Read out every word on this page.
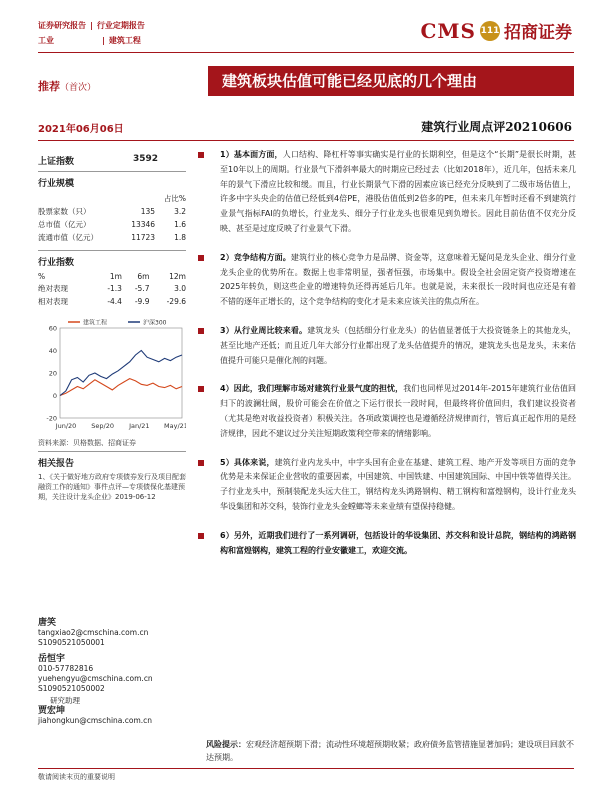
证券研究报告 | 行业定期报告
工业	| 建筑工程	CMS 111 招商证券
推荐（首次）	建筑板块估值可能已经见底的几个理由
2021年06月06日	建筑行业周点评20210606
上证指数	3592
行业规模
		占比%
股票家数（只）	135	3.2
总市值（亿元）	13346	1.6
流通市值（亿元）	11723	1.8
行业指数
%	1m	6m	12m
绝对表现	-1.3	-5.7	3.0
相对表现	-4.4	-9.9	-29.6
60
40
20
0
-20
Jun/20 Sep/20 Jan/21 May/21
建筑工程	沪深300
资料来源：贝格数据、招商证券
相关报告
1、《关于做好地方政府专项债券发行及项目配套融资工作的通知》事件点评—专项债保化基建预期，关注设计龙头企业》2019-06-12
唐笑
tangxiao2@cmschina.com.cn
S1090521050001
岳恒宇
010-57782816
yuehengyu@cmschina.com.cn
S1090521050002
研究助理
贾宏坤
jiahongkun@cmschina.com.cn
1）基本面方面，人口结构、降杠杆等事实确实是行业的长期利空，但是这个“长期”是很长时期，甚至10年以上的周期。行业景气下滑斜率最大的时期应已经过去（比如2018年），近几年，包括未来几年的景气下滑应比较和缓。而且，行业长期景气下滑的因素应该已经充分反映到了二级市场估值上，许多中字头央企的估值已经低到4倍PE，港股估值低到2倍多的PE，但未来几年暂时还看不到建筑行业景气指标FAI的负增长，行业龙头、细分子行业龙头也很难见到负增长。因此目前估值不仅充分反映、甚至是过度反映了行业景气下滑。
2）竞争结构方面。建筑行业的核心竞争力是品牌、资金等，这意味着无疑问是龙头企业、细分行业龙头企业的优势所在。数据上也非常明显，强者恒强，市场集中。假设全社会固定资产投资增速在2025年转负，则这些企业的增速特负还得再延后几年。也就是说，未来很长一段时间也应还是有着不错的逐年正增长的，这个竞争结构的变化才是未来应该关注的焦点所在。
3）从行业周比较来看。建筑龙头（包括细分行业龙头）的估值显著低于大投资链条上的其他龙头，甚至比地产还低；而且近几年大部分行业都出现了龙头估值提升的情况，建筑龙头也是龙头，未来估值提升可能只是催化剂的问题。
4）因此，我们理解市场对建筑行业景气度的担忧，我们也同样见过2014年-2015年建筑行业估值回归下的波澜壮阔，股价可能会在价值之下运行很长一段时间，但最终将价值回归，我们建议投资者（尤其是绝对收益投资者）积极关注。各项政策调控也是遵循经济规律而行，管后真正起作用的是经济规律，因此不建议过分关注短期政策利空带来的情绪影响。
5）具体来说，建筑行业内龙头中，中字头国有企业在基建、建筑工程、地产开发等项目方面的竞争优势是未来保证企业营收的重要因素，中国建筑、中国铁建、中国建筑国际、中国中铁等值得关注。子行业龙头中，预制装配龙头远大住工，钢结构龙头鸿路钢构、精工钢构和富煌钢构，设计行业龙头华设集团和苏交科，装饰行业龙头金螳螂等未来业绩有望保持稳健。
6）另外，近期我们进行了一系列调研，包括设计的华设集团、苏交科和设计总院，钢结构的鸿路钢构和富煌钢构，建筑工程的行业安徽建工，欢迎交流。
风险提示：宏观经济超预期下滑；流动性环境超预期收紧；政府债务监管措施显著加码；建设项目回款不达预期。
敬请阅读末页的重要说明
